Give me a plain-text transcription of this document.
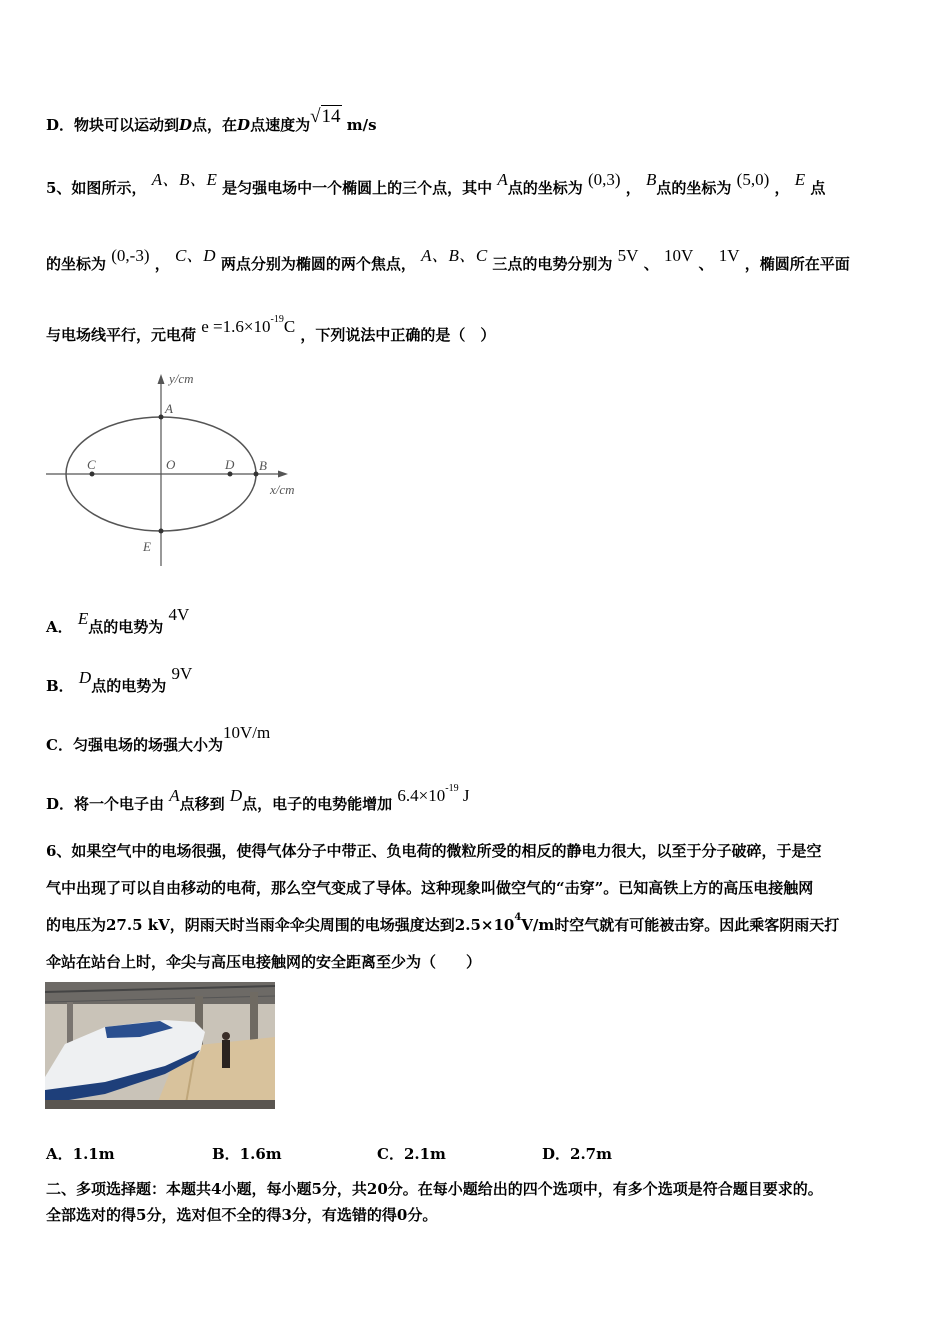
D．物块可以运动到D点，在D点速度为√14 m/s
5、如图所示， A、B、E 是匀强电场中一个椭圆上的三个点，其中 A点的坐标为 (0,3) ， B点的坐标为 (5,0) ， E 点
的坐标为 (0,-3) ， C、D 两点分别为椭圆的两个焦点， A、B、C 三点的电势分别为 5V 、 10V 、 1V ，椭圆所在平面
与电场线平行，元电荷 $e =1.6\times 10^{-19}C$ ，下列说法中正确的是（　）
y/cm
x/cm
A
B
C	D
O
E
A． E点的电势为 4V
B． D点的电势为 9V
C．匀强电场的场强大小为10V/m
D．将一个电子由 A点移到 D点，电子的电势能增加 $6.4\times 10^{-19}$ J
6、如果空气中的电场很强，使得气体分子中带正、负电荷的微粒所受的相反的静电力很大，以至于分子破碎，于是空
气中出现了可以自由移动的电荷，那么空气变成了导体。这种现象叫做空气的“击穿”。已知高铁上方的高压电接触网
的电压为27.5 kV，阴雨天时当雨伞伞尖周围的电场强度达到$2.5\times 10^4V/m$时空气就有可能被击穿。因此乘客阴雨天打
伞站在站台上时，伞尖与高压电接触网的安全距离至少为（　　）
A．1.1m	B．1.6m	C．2.1m	D．2.7m
二、多项选择题：本题共4小题，每小题5分，共20分。在每小题给出的四个选项中，有多个选项是符合题目要求的。
全部选对的得5分，选对但不全的得3分，有选错的得0分。
